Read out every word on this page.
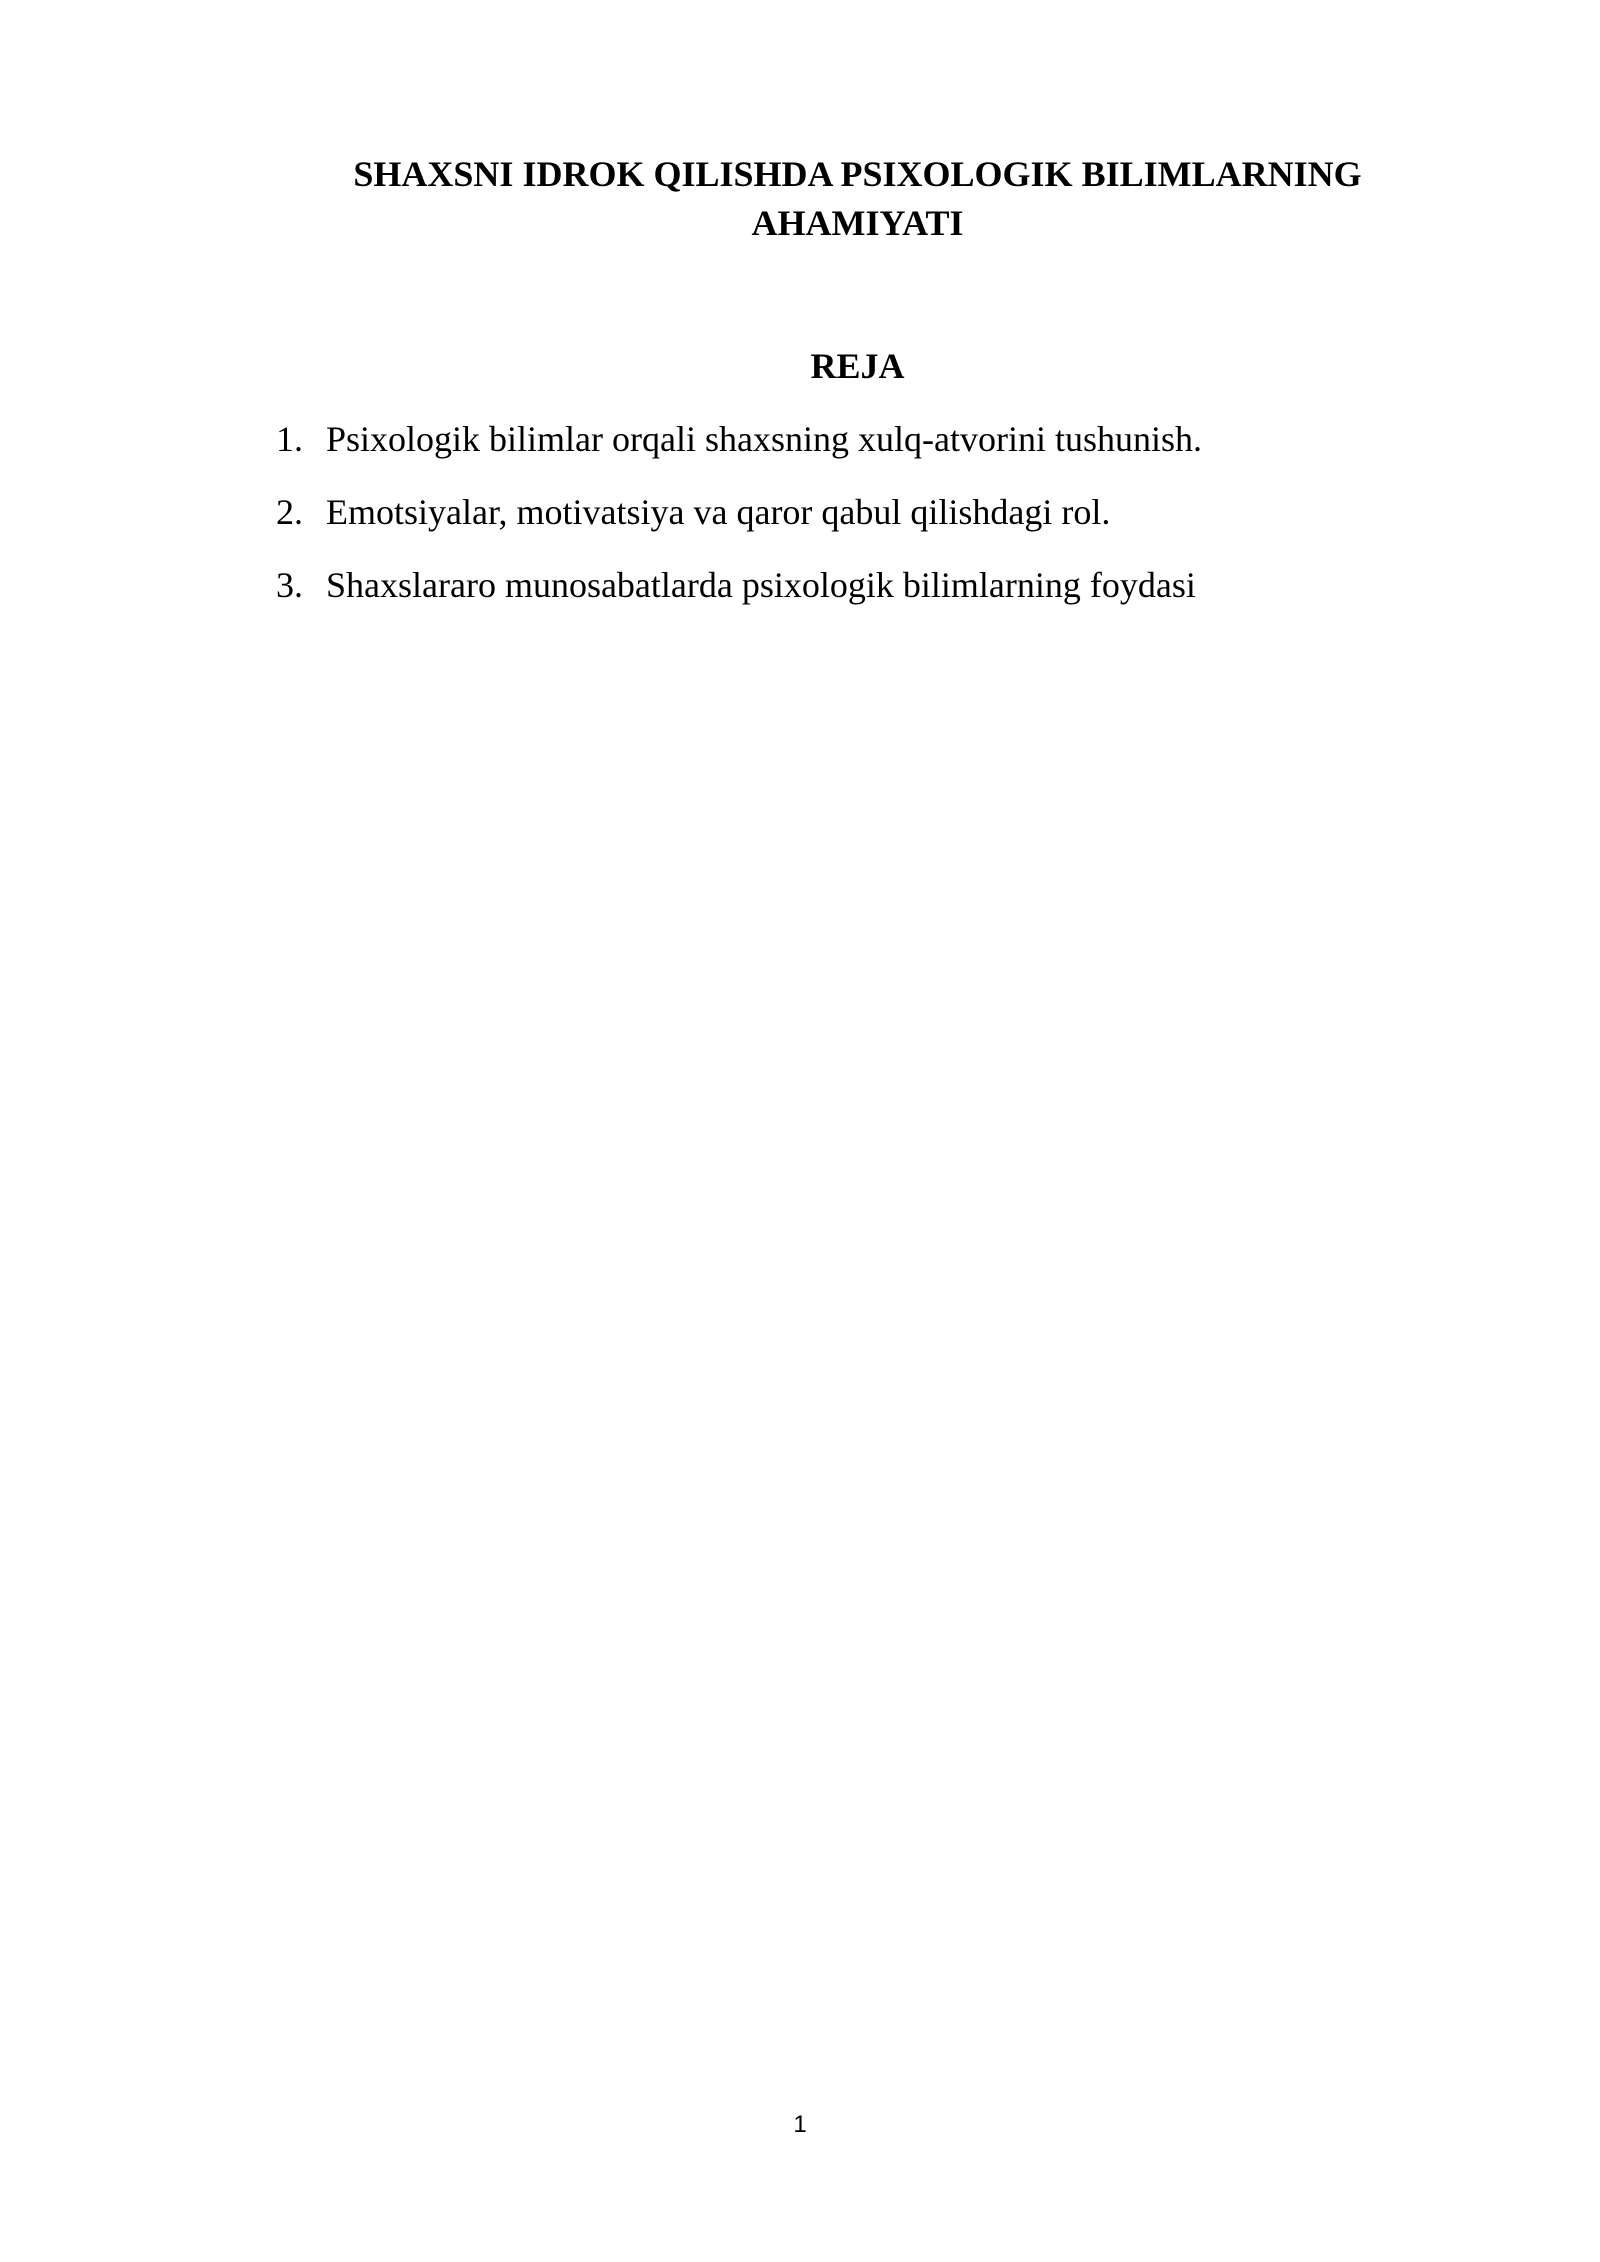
SHAXSNI IDROK QILISHDA PSIXOLOGIK BILIMLARNING
AHAMIYATI
REJA
1. Psixologik bilimlar orqali shaxsning xulq-atvorini tushunish.
2. Emotsiyalar, motivatsiya va qaror qabul qilishdagi rol.
3. Shaxslararo munosabatlarda psixologik bilimlarning foydasi
1
